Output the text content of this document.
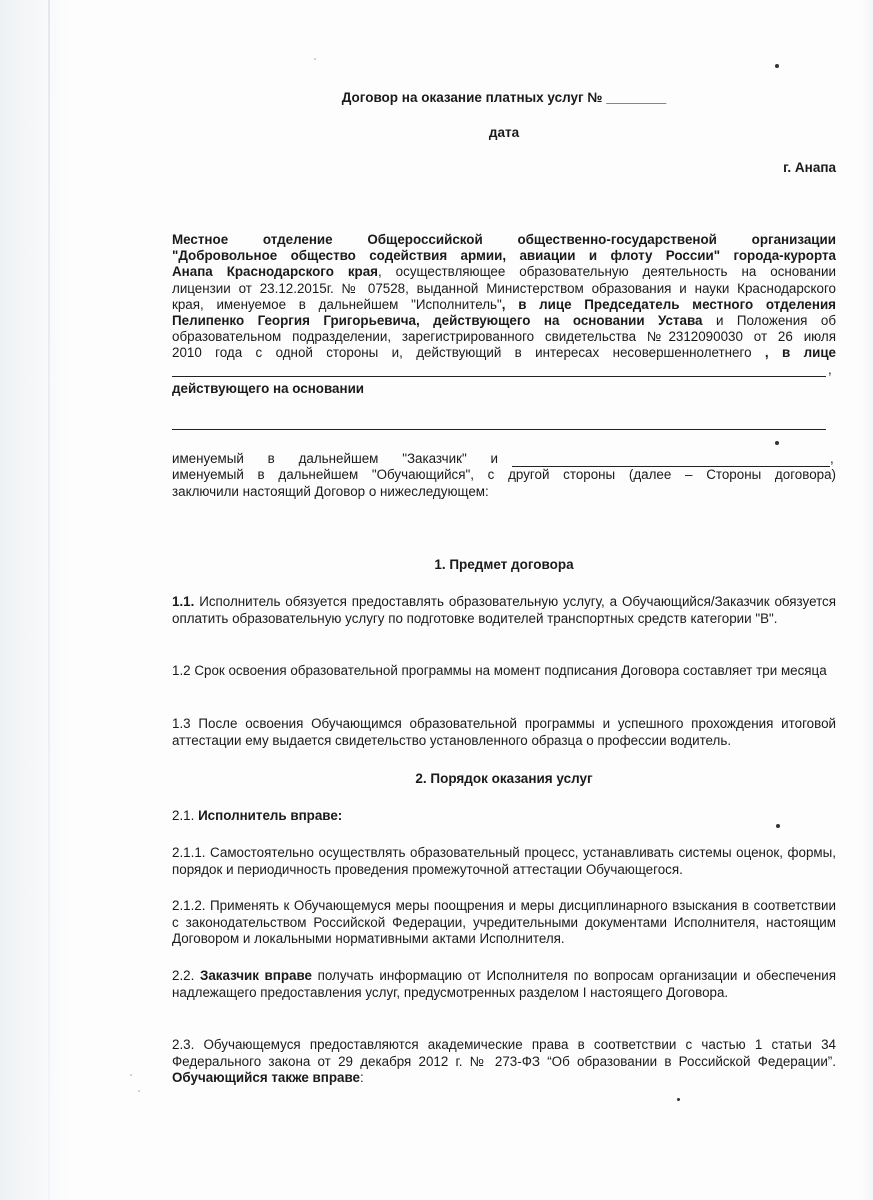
Договор на оказание платных услуг № ________
дата
г. Анапа
Местное отделение Общероссийской общественно-государственой организации
"Добровольное общество содействия армии, авиации и флоту России" города-курорта
Анапа Краснодарского края, осуществляющее образовательную деятельность на основании
лицензии от 23.12.2015г. № 07528, выданной Министерством образования и науки Краснодарского
края, именуемое в дальнейшем "Исполнитель", в лице Председатель местного отделения
Пелипенко Георгия Григорьевича, действующего на основании Устава и Положения об
образовательном подразделении, зарегистрированного свидетельства №2312090030 от 26 июля
2010 года с одной стороны и, действующий в интересах несовершеннолетнего , в лице
,
действующего на основании
именуемый в дальнейшем "Заказчик" и	,
именуемый в дальнейшем "Обучающийся", с другой стороны (далее – Стороны договора)
заключили настоящий Договор о нижеследующем:
1. Предмет договора
1.1. Исполнитель обязуется предоставлять образовательную услугу, а Обучающийся/Заказчик обязуется оплатить образовательную услугу по подготовке водителей транспортных средств категории "В".
1.2 Срок освоения образовательной программы на момент подписания Договора составляет три месяца
1.3 После освоения Обучающимся образовательной программы и успешного прохождения итоговой аттестации ему выдается свидетельство установленного образца о профессии водитель.
2. Порядок оказания услуг
2.1. Исполнитель вправе:
2.1.1. Самостоятельно осуществлять образовательный процесс, устанавливать системы оценок, формы, порядок и периодичность проведения промежуточной аттестации Обучающегося.
2.1.2. Применять к Обучающемуся меры поощрения и меры дисциплинарного взыскания в соответствии с законодательством Российской Федерации, учредительными документами Исполнителя, настоящим Договором и локальными нормативными актами Исполнителя.
2.2. Заказчик вправе получать информацию от Исполнителя по вопросам организации и обеспечения надлежащего предоставления услуг, предусмотренных разделом I настоящего Договора.
2.3. Обучающемуся предоставляются академические права в соответствии с частью 1 статьи 34 Федерального закона от 29 декабря 2012 г. № 273-ФЗ “Об образовании в Российской Федерации”. Обучающийся также вправе:
